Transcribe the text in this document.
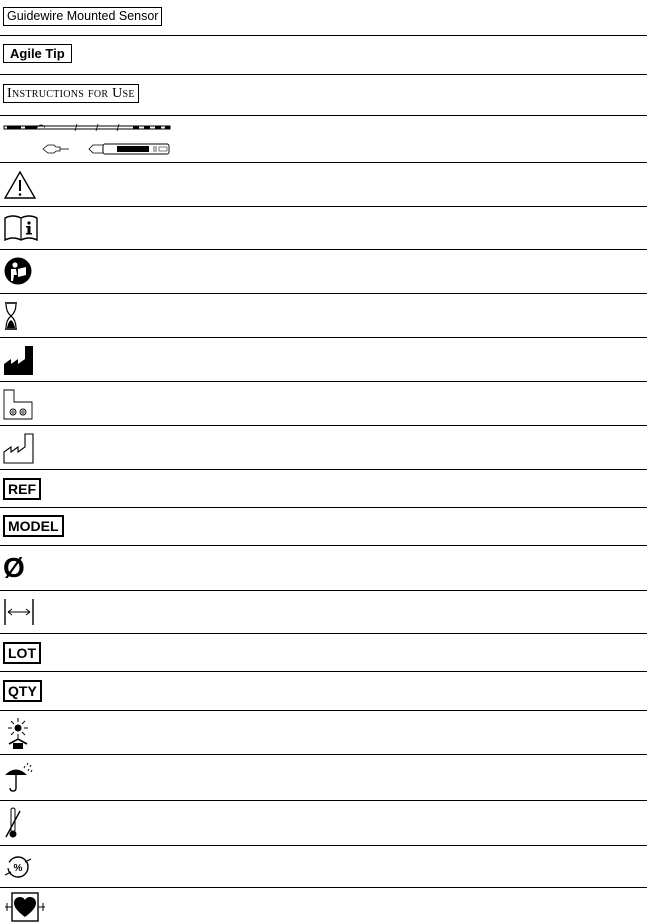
Guidewire Mounted Sensor
Agile Tip
Instructions for Use
REF
MODEL
Ø
LOT
QTY
%
